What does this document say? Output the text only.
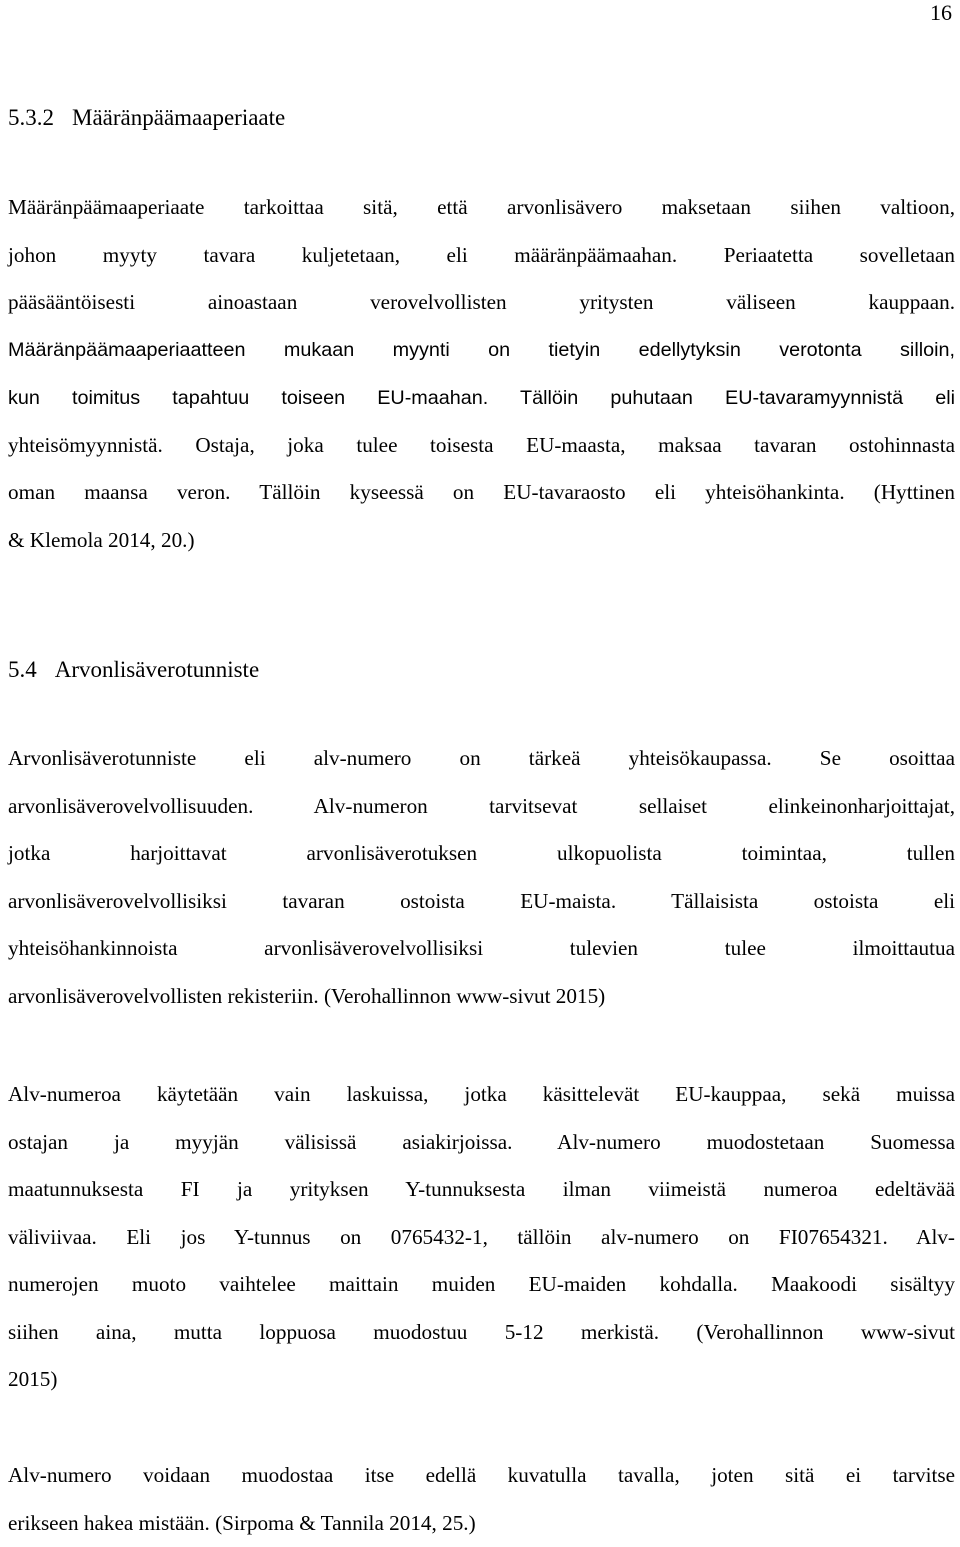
16
5.3.2 Määränpäämaaperiaate
Määränpäämaaperiaate tarkoittaa sitä, että arvonlisävero maksetaan siihen valtioon,
johon myyty tavara kuljetetaan, eli määränpäämaahan. Periaatetta sovelletaan
pääsääntöisesti ainoastaan verovelvollisten yritysten väliseen kauppaan.
Määränpäämaaperiaatteen mukaan myynti on tietyin edellytyksin verotonta silloin,
kun toimitus tapahtuu toiseen EU-maahan. Tällöin puhutaan EU-tavaramyynnistä eli
yhteisömyynnistä. Ostaja, joka tulee toisesta EU-maasta, maksaa tavaran ostohinnasta
oman maansa veron. Tällöin kyseessä on EU-tavaraosto eli yhteisöhankinta. (Hyttinen
& Klemola 2014, 20.)
5.4 Arvonlisäverotunniste
Arvonlisäverotunniste eli alv-numero on tärkeä yhteisökaupassa. Se osoittaa
arvonlisäverovelvollisuuden. Alv-numeron tarvitsevat sellaiset elinkeinonharjoittajat,
jotka harjoittavat arvonlisäverotuksen ulkopuolista toimintaa, tullen
arvonlisäverovelvollisiksi tavaran ostoista EU-maista. Tällaisista ostoista eli
yhteisöhankinnoista arvonlisäverovelvollisiksi tulevien tulee ilmoittautua
arvonlisäverovelvollisten rekisteriin. (Verohallinnon www-sivut 2015)
Alv-numeroa käytetään vain laskuissa, jotka käsittelevät EU-kauppaa, sekä muissa
ostajan ja myyjän välisissä asiakirjoissa. Alv-numero muodostetaan Suomessa
maatunnuksesta FI ja yrityksen Y-tunnuksesta ilman viimeistä numeroa edeltävää
väliviivaa. Eli jos Y-tunnus on 0765432-1, tällöin alv-numero on FI07654321. Alv-
numerojen muoto vaihtelee maittain muiden EU-maiden kohdalla. Maakoodi sisältyy
siihen aina, mutta loppuosa muodostuu 5-12 merkistä. (Verohallinnon www-sivut
2015)
Alv-numero voidaan muodostaa itse edellä kuvatulla tavalla, joten sitä ei tarvitse
erikseen hakea mistään. (Sirpoma & Tannila 2014, 25.)
